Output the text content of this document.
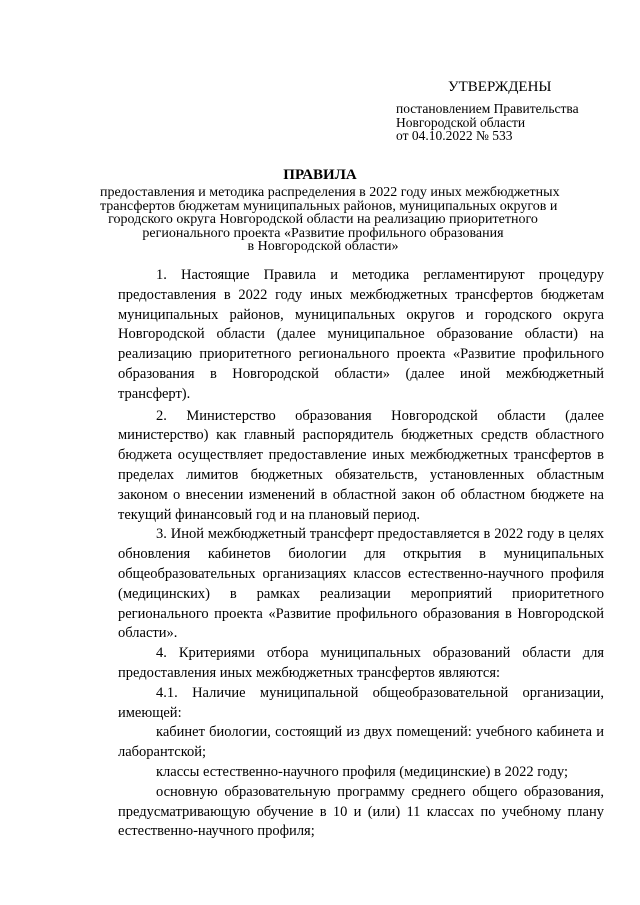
УТВЕРЖДЕНЫ
постановлением Правительства
Новгородской области
от 04.10.2022 № 533
ПРАВИЛА
предоставления и методика распределения в 2022 году иных межбюджетных
трансфертов бюджетам муниципальных районов, муниципальных округов и
городского округа Новгородской области на реализацию приоритетного
регионального проекта «Развитие профильного образования
в Новгородской области»
1. Настоящие Правила и методика регламентируют процедуру
предоставления в 2022 году иных межбюджетных трансфертов бюджетам
муниципальных районов, муниципальных округов и городского округа
Новгородской области (далее муниципальное образование области) на
реализацию приоритетного регионального проекта «Развитие профильного
образования в Новгородской области» (далее иной межбюджетный
трансферт).
2. Министерство образования Новгородской области (далее
министерство) как главный распорядитель бюджетных средств областного
бюджета осуществляет предоставление иных межбюджетных трансфертов в
пределах лимитов бюджетных обязательств, установленных областным
законом о внесении изменений в областной закон об областном бюджете на
текущий финансовый год и на плановый период.
3. Иной межбюджетный трансферт предоставляется в 2022 году в целях
обновления кабинетов биологии для открытия в муниципальных
общеобразовательных организациях классов естественно-научного профиля
(медицинских) в рамках реализации мероприятий приоритетного
регионального проекта «Развитие профильного образования в Новгородской
области».
4. Критериями отбора муниципальных образований области для
предоставления иных межбюджетных трансфертов являются:
4.1. Наличие муниципальной общеобразовательной организации,
имеющей:
кабинет биологии, состоящий из двух помещений: учебного кабинета и
лаборантской;
классы естественно-научного профиля (медицинские) в 2022 году;
основную образовательную программу среднего общего образования,
предусматривающую обучение в 10 и (или) 11 классах по учебному плану
естественно-научного профиля;
